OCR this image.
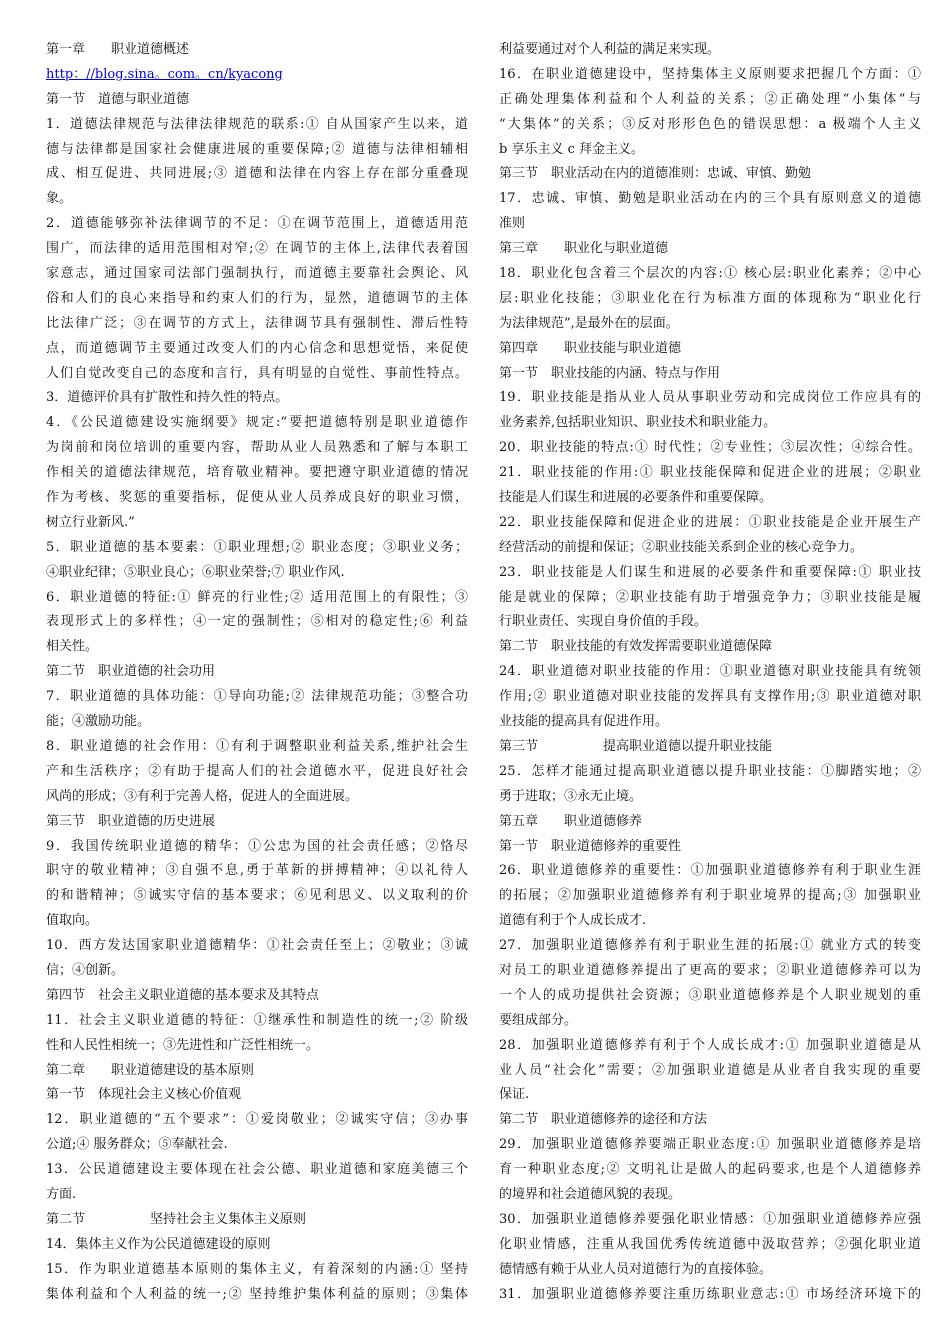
第一章　　职业道德概述
http：//blog.sina。com。cn/kyacong
第一节　道德与职业道德
1．道德法律规范与法律法律规范的联系:① 自从国家产生以来，道
德与法律都是国家社会健康进展的重要保障;② 道德与法律相辅相
成、相互促进、共同进展;③ 道德和法律在内容上存在部分重叠现
象。
2．道德能够弥补法律调节的不足：①在调节范围上，道德适用范
围广，而法律的适用范围相对窄;② 在调节的主体上,法律代表着国
家意志，通过国家司法部门强制执行，而道德主要靠社会舆论、风
俗和人们的良心来指导和约束人们的行为，显然，道德调节的主体
比法律广泛；③在调节的方式上，法律调节具有强制性、滞后性特
点，而道德调节主要通过改变人们的内心信念和思想觉悟，来促使
人们自觉改变自己的态度和言行，具有明显的自觉性、事前性特点。
3．道德评价具有扩散性和持久性的特点。
4．《公民道德建设实施纲要》规定:“要把道德特别是职业道德作
为岗前和岗位培训的重要内容，帮助从业人员熟悉和了解与本职工
作相关的道德法律规范，培育敬业精神。要把遵守职业道德的情况
作为考核、奖惩的重要指标，促使从业人员养成良好的职业习惯，
树立行业新风.”
5．职业道德的基本要素：①职业理想;② 职业态度；③职业义务；
④职业纪律；⑤职业良心；⑥职业荣誉;⑦ 职业作风.
6．职业道德的特征:① 鲜亮的行业性;② 适用范围上的有限性；③
表现形式上的多样性；④一定的强制性；⑤相对的稳定性;⑥ 利益
相关性。
第二节　职业道德的社会功用
7．职业道德的具体功能：①导向功能;② 法律规范功能；③整合功
能；④激励功能。
8．职业道德的社会作用：①有利于调整职业利益关系,维护社会生
产和生活秩序；②有助于提高人们的社会道德水平，促进良好社会
风尚的形成；③有利于完善人格，促进人的全面进展。
第三节　职业道德的历史进展
9．我国传统职业道德的精华：①公忠为国的社会责任感；②恪尽
职守的敬业精神；③自强不息,勇于革新的拼搏精神；④以礼待人
的和谐精神；⑤诚实守信的基本要求；⑥见利思义、以义取利的价
值取向。
10．西方发达国家职业道德精华：①社会责任至上；②敬业；③诚
信；④创新。
第四节　社会主义职业道德的基本要求及其特点
11．社会主义职业道德的特征：①继承性和制造性的统一;② 阶级
性和人民性相统一；③先进性和广泛性相统一。
第二章　　职业道德建设的基本原则
第一节　体现社会主义核心价值观
12．职业道德的“五个要求”：①爱岗敬业；②诚实守信；③办事
公道;④ 服务群众；⑤奉献社会.
13．公民道德建设主要体现在社会公德、职业道德和家庭美德三个
方面.
第二节　　　　　坚持社会主义集体主义原则
14．集体主义作为公民道德建设的原则
15．作为职业道德基本原则的集体主义，有着深刻的内涵:① 坚持
集体利益和个人利益的统一;② 坚持维护集体利益的原则；③集体
利益要通过对个人利益的满足来实现。
16．在职业道德建设中，坚持集体主义原则要求把握几个方面：①
正确处理集体利益和个人利益的关系；②正确处理“小集体”与
“大集体”的关系；③反对形形色色的错误思想：a 极端个人主义
b 享乐主义 c 拜金主义。
第三节　职业活动在内的道德准则：忠诚、审慎、勤勉
17．忠诚、审慎、勤勉是职业活动在内的三个具有原则意义的道德
准则
第三章　　职业化与职业道德
18．职业化包含着三个层次的内容:① 核心层:职业化素养；②中心
层:职业化技能；③职业化在行为标准方面的体现称为“职业化行
为法律规范”,是最外在的层面。
第四章　　职业技能与职业道德
第一节　职业技能的内涵、特点与作用
19．职业技能是指从业人员从事职业劳动和完成岗位工作应具有的
业务素养,包括职业知识、职业技术和职业能力。
20．职业技能的特点:① 时代性；②专业性；③层次性；④综合性。
21．职业技能的作用:① 职业技能保障和促进企业的进展；②职业
技能是人们谋生和进展的必要条件和重要保障。
22．职业技能保障和促进企业的进展：①职业技能是企业开展生产
经营活动的前提和保证；②职业技能关系到企业的核心竞争力。
23．职业技能是人们谋生和进展的必要条件和重要保障:① 职业技
能是就业的保障；②职业技能有助于增强竞争力；③职业技能是履
行职业责任、实现自身价值的手段。
第二节　职业技能的有效发挥需要职业道德保障
24．职业道德对职业技能的作用：①职业道德对职业技能具有统领
作用;② 职业道德对职业技能的发挥具有支撑作用;③ 职业道德对职
业技能的提高具有促进作用。
第三节　　　　　提高职业道德以提升职业技能
25．怎样才能通过提高职业道德以提升职业技能：①脚踏实地；②
勇于进取；③永无止境。
第五章　　职业道德修养
第一节　职业道德修养的重要性
26．职业道德修养的重要性：①加强职业道德修养有利于职业生涯
的拓展；②加强职业道德修养有利于职业境界的提高;③ 加强职业
道德有利于个人成长成才.
27．加强职业道德修养有利于职业生涯的拓展:① 就业方式的转变
对员工的职业道德修养提出了更高的要求；②职业道德修养可以为
一个人的成功提供社会资源；③职业道德修养是个人职业规划的重
要组成部分。
28．加强职业道德修养有利于个人成长成才:① 加强职业道德是从
业人员“社会化”需要；②加强职业道德是从业者自我实现的重要
保证.
第二节　职业道德修养的途径和方法
29．加强职业道德修养要端正职业态度:① 加强职业道德修养是培
育一种职业态度;② 文明礼让是做人的起码要求,也是个人道德修养
的境界和社会道德风貌的表现。
30．加强职业道德修养要强化职业情感：①加强职业道德修养应强
化职业情感，注重从我国优秀传统道德中汲取营养；②强化职业道
德情感有赖于从业人员对道德行为的直接体验。
31．加强职业道德修养要注重历练职业意志:① 市场经济环境下的
